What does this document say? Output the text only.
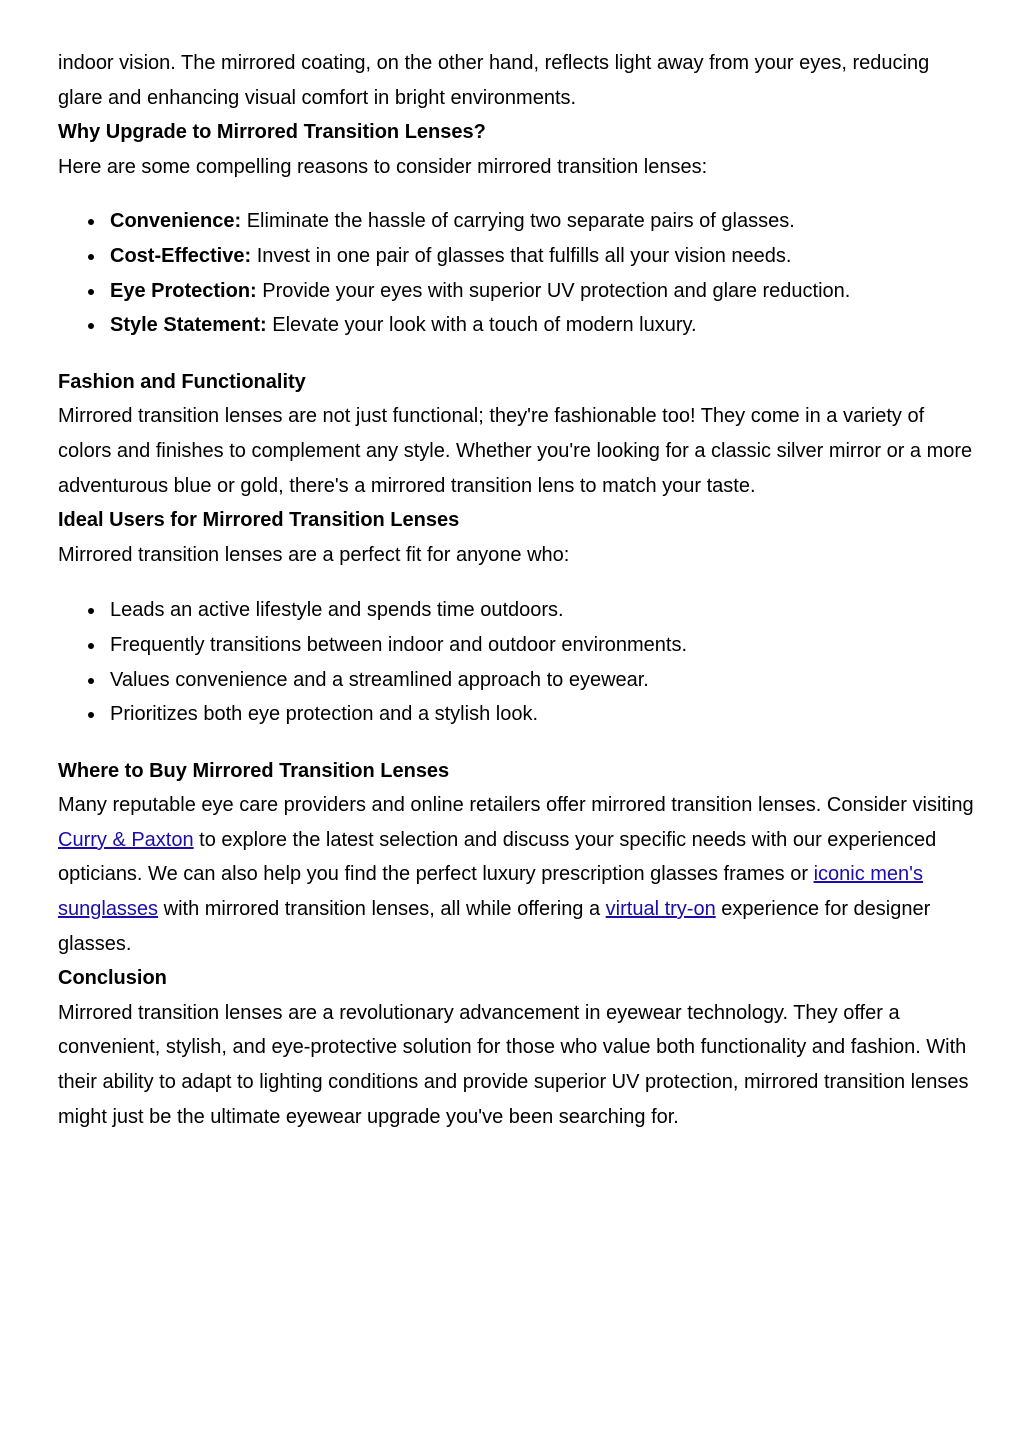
indoor vision. The mirrored coating, on the other hand, reflects light away from your eyes, reducing glare and enhancing visual comfort in bright environments.

Why Upgrade to Mirrored Transition Lenses?

Here are some compelling reasons to consider mirrored transition lenses:

Convenience: Eliminate the hassle of carrying two separate pairs of glasses.
Cost-Effective: Invest in one pair of glasses that fulfills all your vision needs.
Eye Protection: Provide your eyes with superior UV protection and glare reduction.
Style Statement: Elevate your look with a touch of modern luxury.
Fashion and Functionality

Mirrored transition lenses are not just functional; they're fashionable too! They come in a variety of colors and finishes to complement any style. Whether you're looking for a classic silver mirror or a more adventurous blue or gold, there's a mirrored transition lens to match your taste.

Ideal Users for Mirrored Transition Lenses

Mirrored transition lenses are a perfect fit for anyone who:

Leads an active lifestyle and spends time outdoors.
Frequently transitions between indoor and outdoor environments.
Values convenience and a streamlined approach to eyewear.
Prioritizes both eye protection and a stylish look.
Where to Buy Mirrored Transition Lenses

Many reputable eye care providers and online retailers offer mirrored transition lenses. Consider visiting Curry & Paxton to explore the latest selection and discuss your specific needs with our experienced opticians. We can also help you find the perfect luxury prescription glasses frames or iconic men's sunglasses with mirrored transition lenses, all while offering a virtual try-on experience for designer glasses.

Conclusion

Mirrored transition lenses are a revolutionary advancement in eyewear technology. They offer a convenient, stylish, and eye-protective solution for those who value both functionality and fashion. With their ability to adapt to lighting conditions and provide superior UV protection, mirrored transition lenses might just be the ultimate eyewear upgrade you've been searching for.
